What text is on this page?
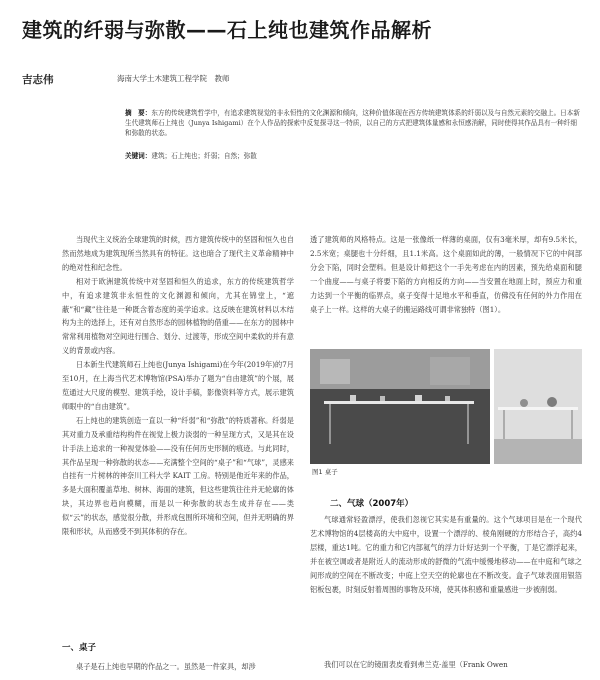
建筑的纤弱与弥散——石上纯也建筑作品解析
吉志伟	海南大学土木建筑工程学院　教师
摘　要：东方的传统建筑哲学中，有追求建筑视觉的非永恒性的文化渊源和倾向，这种价值体现在西方传统建筑体系的纤弱以及与自然元素的交融上。日本新生代建筑师石上纯也（Junya Ishigami）在个人作品的探索中反复探寻这一特质，以自己的方式把建筑体量感和永恒感消解，同时使得其作品具有一种纤细和弥散的状态。
关键词：建筑；石上纯也；纤弱；自然；弥散

当现代主义统治全球建筑的时候，西方建筑传统中的坚固和恒久也自然而然地成为建筑现所当然具有的特征。这也暗合了现代主义革命精神中的绝对性和纪念性。

相对于欧洲建筑传统中对坚固和恒久的追求，东方的传统建筑哲学中，有追求建筑非永恒性的文化渊源和倾向，尤其在锦堂上，“遮蔽”和“藏”往往是一种既含着态度的美学追求。这反映在建筑材料以木结构为主的选择上，还有对自然形态的园林植物的借重——在东方的园林中常常利用植物对空间进行围合、划分、过渡等，形成空间中柔软的并有意义的背景或内容。

日本新生代建筑师石上纯也(Junya Ishigami)在今年(2019年)的7月至10月，在上海当代艺术博物馆(PSA)举办了题为“自由建筑”的个展，展览通过大尺度的模型、建筑手绘，设计手稿，影像资料等方式，展示建筑师眼中的“自由建筑”。

石上纯也的建筑创造一直以一种“纤弱”和“弥散”的特质著称。纤弱是其对重力及承重结构构件在视觉上极力淡弱的一种呈现方式，又是其在设计手法上追求的一种视觉体验——没有任何历史形制的痕迹。与此同时，其作品呈现一种弥散的状态——充满整个空间的“桌子”和“气球”，灵感来自挂有一片树林的神奈川工科大学 KAIT 工房。特别是他近年来的作品，多是大面积覆盖草地、树林、海面的建筑，但这些建筑往往并无轮廓的体块，其边界也趋向模糊，而是以一种弥散的状态生成并存在——类似“云”的状态，感觉很分散，并形成包围所环境和空间，但并无明确的界限和形状，从而感受不到其体积的存在。

一、桌子

桌子是石上纯也早期的作品之一。虽然是一件家具，却涉

透了建筑师的风格特点。这是一张像纸一样薄的桌面，仅有3毫米厚，却有9.5米长，2.5米宽；桌腿也十分纤细，且1.1米高。这个桌面如此的薄，一般情况下它的中间部分会下陷，同时会塑料。但是设计师把这个一手先考虑在内的因素，预先给桌面和腿一个曲度——与桌子将要下陷的方向相反的方向——当安置在地面上时，预应力和重力达到一个平衡的临界点，桌子变得十足地水平和垂直，仿佛没有任何的外力作用在桌子上一样。这样的大桌子的搬运路线可谓非常独特（图1）。

图1 桌子
二、气球（2007年）

气球通常轻盈漂浮，使我们忽视它其实是有重量的。这个气球项目是在一个现代艺术博物馆的4层楼高的大中庭中，设置一个漂浮的、棱角刚硬的方形结合子，高约4层楼，重达1吨。它的重力和它内部氦气的浮力计好达到一个平衡，丁是它漂浮起来，并在被空调或者是附近人的流动形成的舒微的气流中缓慢地移动——在中庭和气球之间形成的空间在不断改变；中庭上空天空的轮廓也在不断改变。盒子气球表面用银箔铝板包裹，时刻反射着周围的事物及环境，使其体积感和重量感进一步被削弱。

我们可以在它的镜面表皮看到弗兰克·盖里（Frank Owen
